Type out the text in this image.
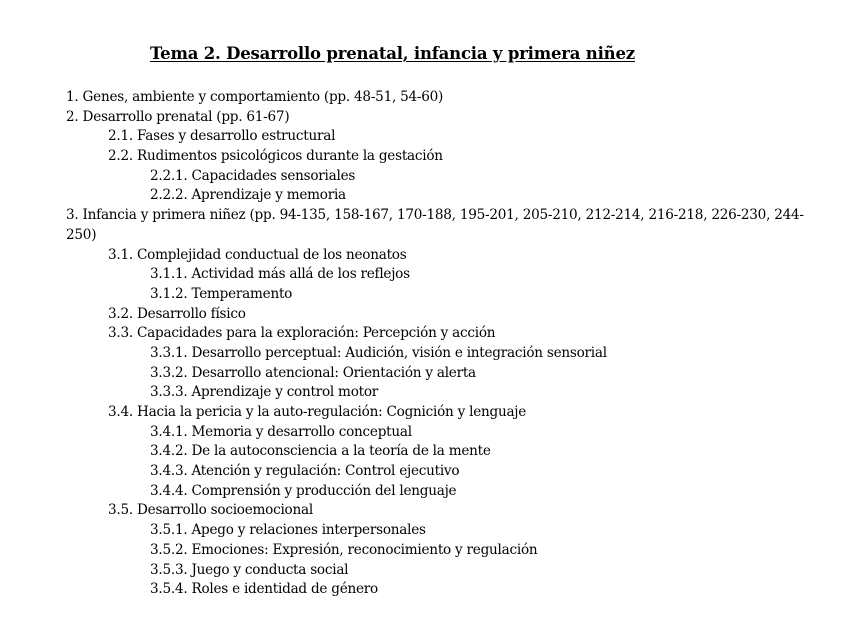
Tema 2. Desarrollo prenatal, infancia y primera niñez
1. Genes, ambiente y comportamiento (pp. 48-51, 54-60)
2. Desarrollo prenatal (pp. 61-67)
2.1. Fases y desarrollo estructural
2.2. Rudimentos psicológicos durante la gestación
2.2.1. Capacidades sensoriales
2.2.2. Aprendizaje y memoria
3. Infancia y primera niñez (pp. 94-135, 158-167, 170-188, 195-201, 205-210, 212-214, 216-218, 226-230, 244-250)
3.1. Complejidad conductual de los neonatos
3.1.1. Actividad más allá de los reflejos
3.1.2. Temperamento
3.2. Desarrollo físico
3.3. Capacidades para la exploración: Percepción y acción
3.3.1. Desarrollo perceptual: Audición, visión e integración sensorial
3.3.2. Desarrollo atencional: Orientación y alerta
3.3.3. Aprendizaje y control motor
3.4. Hacia la pericia y la auto-regulación: Cognición y lenguaje
3.4.1. Memoria y desarrollo conceptual
3.4.2. De la autoconsciencia a la teoría de la mente
3.4.3. Atención y regulación: Control ejecutivo
3.4.4. Comprensión y producción del lenguaje
3.5. Desarrollo socioemocional
3.5.1. Apego y relaciones interpersonales
3.5.2. Emociones: Expresión, reconocimiento y regulación
3.5.3. Juego y conducta social
3.5.4. Roles e identidad de género
